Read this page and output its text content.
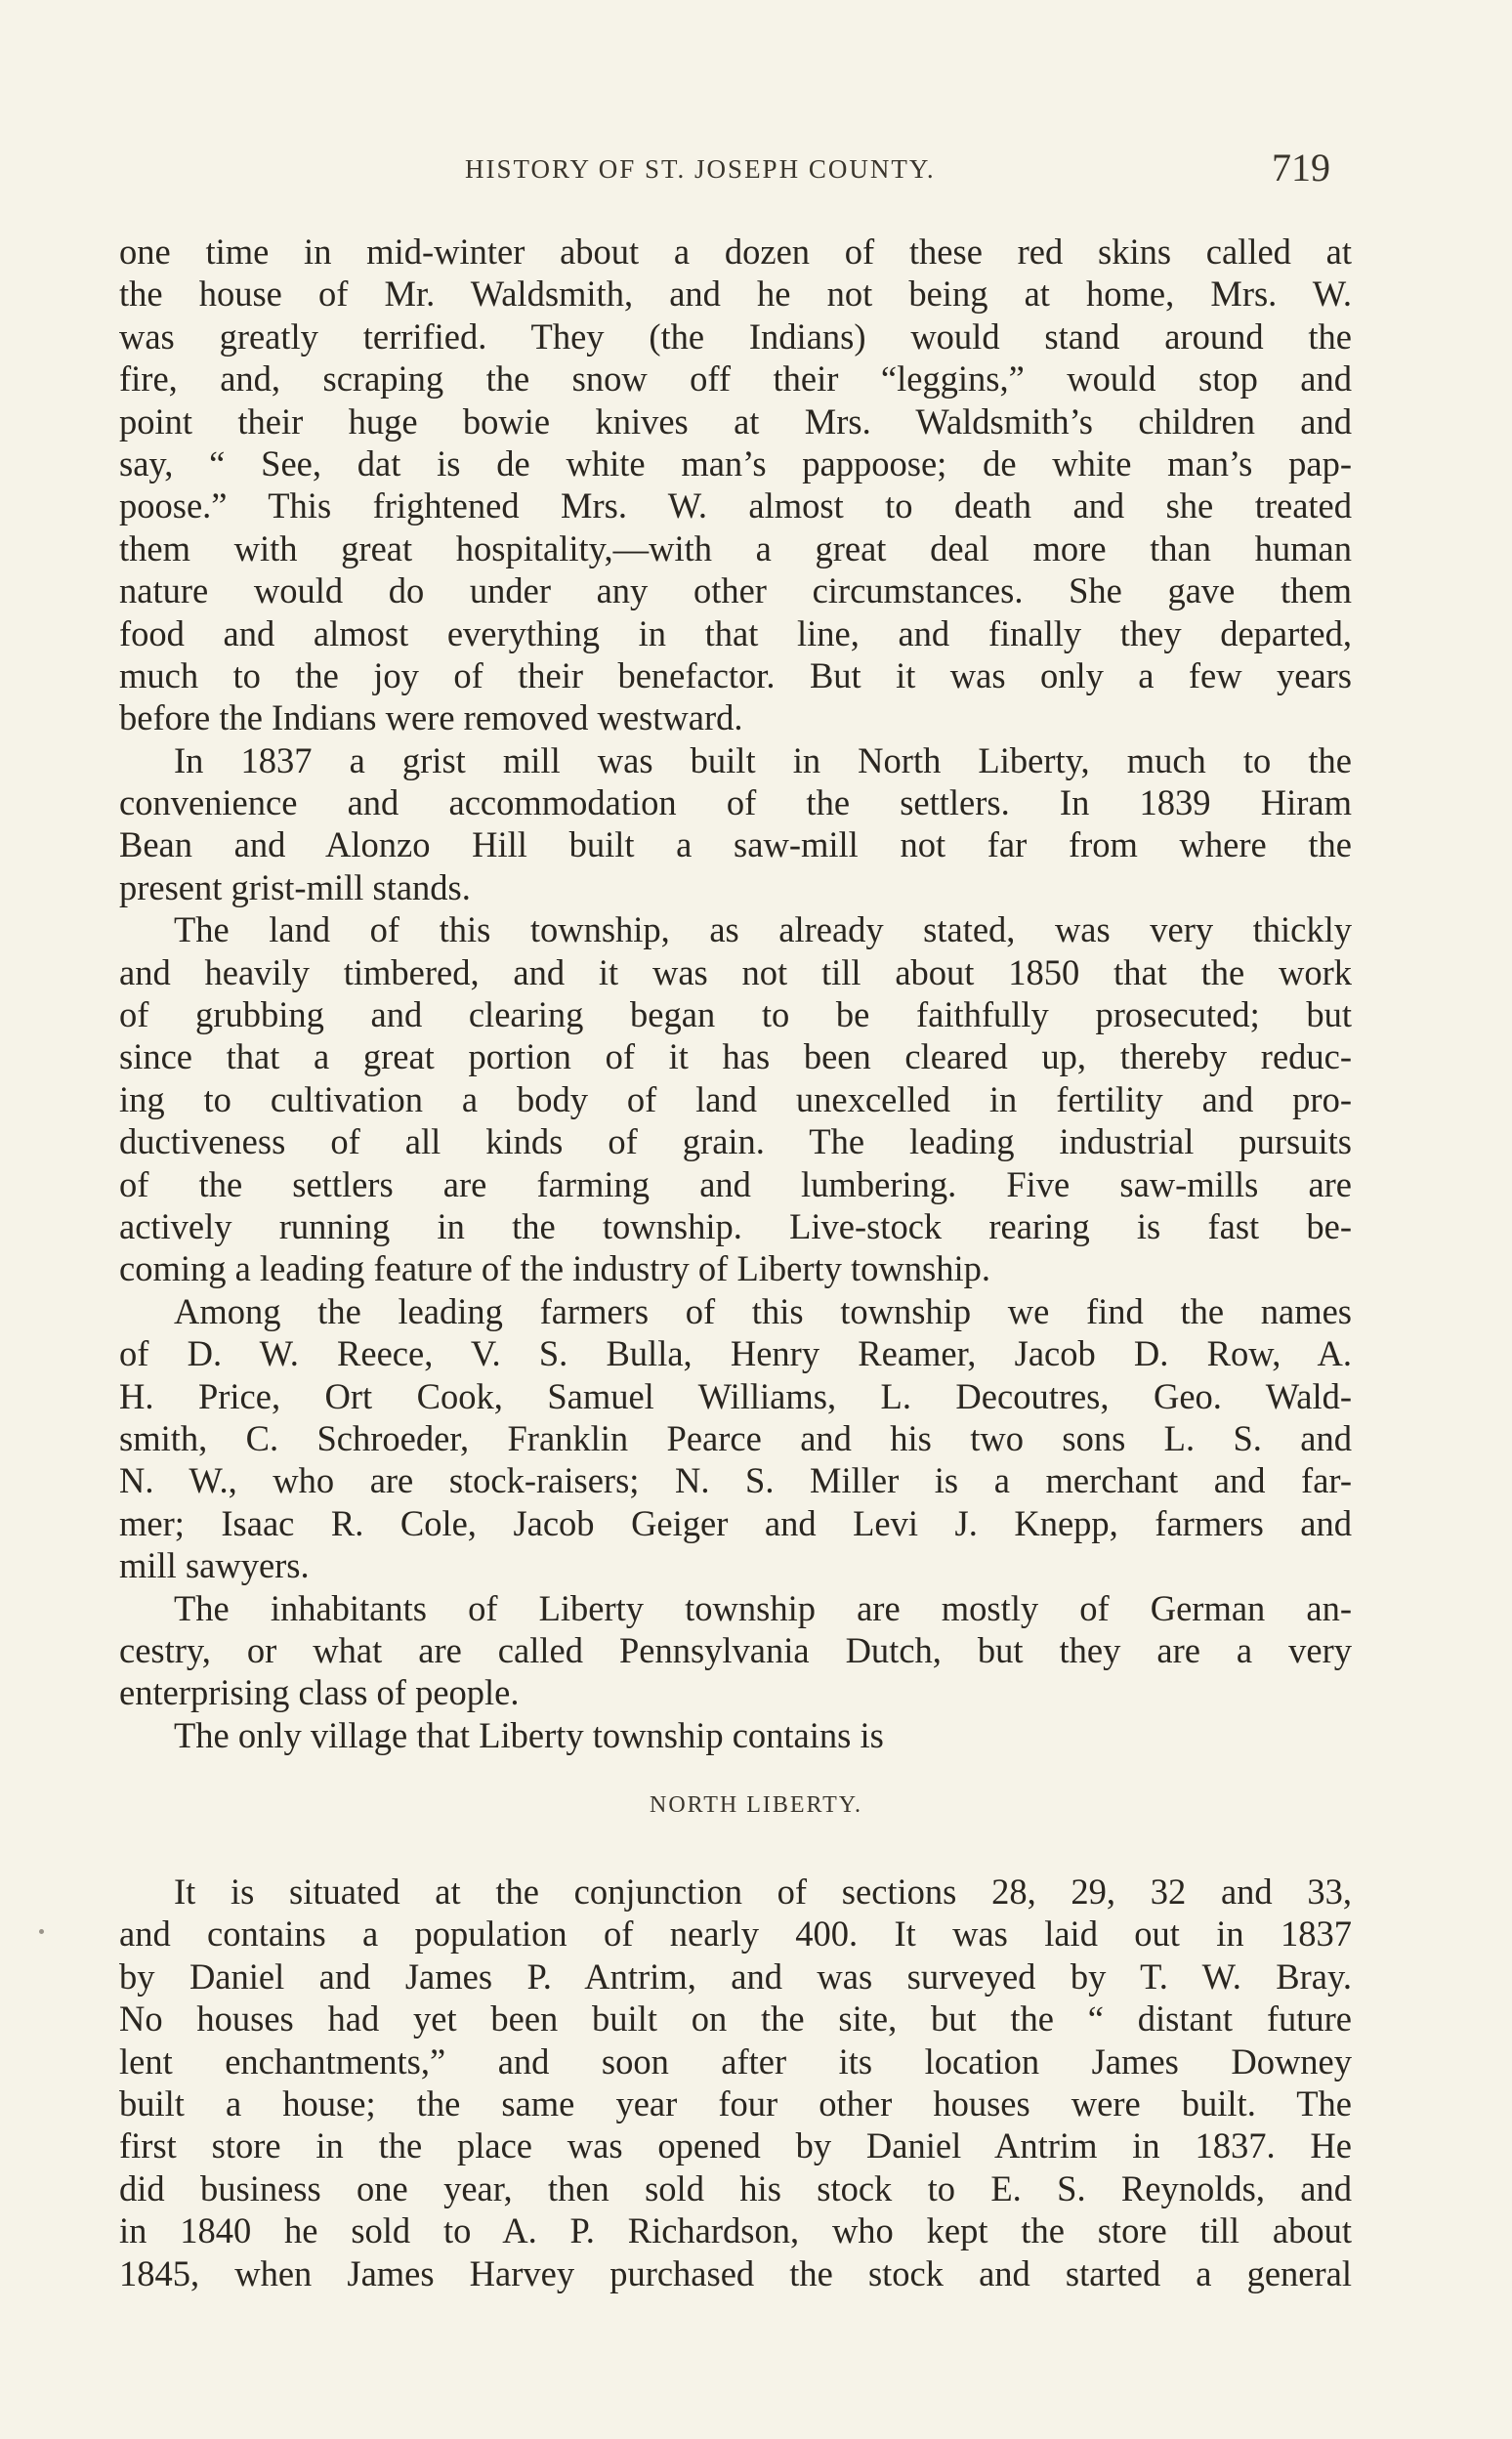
HISTORY OF ST. JOSEPH COUNTY.	719
one time in mid-winter about a dozen of these red skins called at
the house of Mr. Waldsmith, and he not being at home, Mrs. W.
was greatly terrified. They (the Indians) would stand around the
fire, and, scraping the snow off their “leggins,” would stop and
point their huge bowie knives at Mrs. Waldsmith’s children and
say, “ See, dat is de white man’s pappoose; de white man’s pap-
poose.” This frightened Mrs. W. almost to death and she treated
them with great hospitality,—with a great deal more than human
nature would do under any other circumstances. She gave them
food and almost everything in that line, and finally they departed,
much to the joy of their benefactor. But it was only a few years
before the Indians were removed westward.
In 1837 a grist mill was built in North Liberty, much to the
convenience and accommodation of the settlers. In 1839 Hiram
Bean and Alonzo Hill built a saw-mill not far from where the
present grist-mill stands.
The land of this township, as already stated, was very thickly
and heavily timbered, and it was not till about 1850 that the work
of grubbing and clearing began to be faithfully prosecuted; but
since that a great portion of it has been cleared up, thereby reduc-
ing to cultivation a body of land unexcelled in fertility and pro-
ductiveness of all kinds of grain. The leading industrial pursuits
of the settlers are farming and lumbering. Five saw-mills are
actively running in the township. Live-stock rearing is fast be-
coming a leading feature of the industry of Liberty township.
Among the leading farmers of this township we find the names
of D. W. Reece, V. S. Bulla, Henry Reamer, Jacob D. Row, A.
H. Price, Ort Cook, Samuel Williams, L. Decoutres, Geo. Wald-
smith, C. Schroeder, Franklin Pearce and his two sons L. S. and
N. W., who are stock-raisers; N. S. Miller is a merchant and far-
mer; Isaac R. Cole, Jacob Geiger and Levi J. Knepp, farmers and
mill sawyers.
The inhabitants of Liberty township are mostly of German an-
cestry, or what are called Pennsylvania Dutch, but they are a very
enterprising class of people.
The only village that Liberty township contains is
NORTH LIBERTY.
It is situated at the conjunction of sections 28, 29, 32 and 33,
and contains a population of nearly 400. It was laid out in 1837
by Daniel and James P. Antrim, and was surveyed by T. W. Bray.
No houses had yet been built on the site, but the “ distant future
lent enchantments,” and soon after its location James Downey
built a house; the same year four other houses were built. The
first store in the place was opened by Daniel Antrim in 1837. He
did business one year, then sold his stock to E. S. Reynolds, and
in 1840 he sold to A. P. Richardson, who kept the store till about
1845, when James Harvey purchased the stock and started a general
